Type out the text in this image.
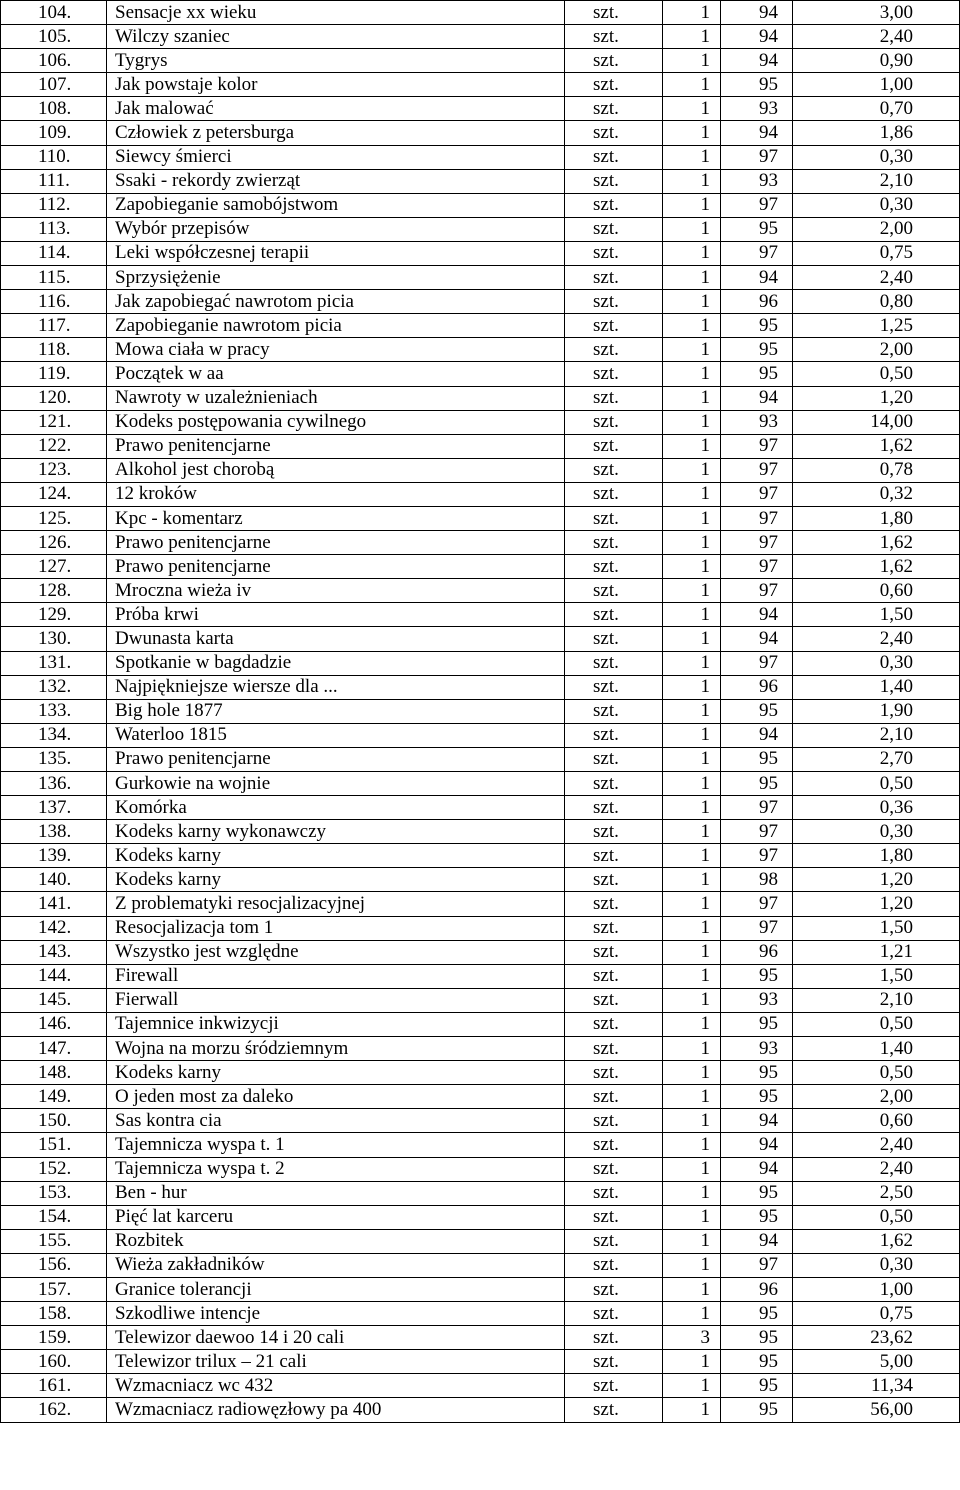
104.	Sensacje xx wieku	szt.	1	94	3,00
105.	Wilczy szaniec	szt.	1	94	2,40
106.	Tygrys	szt.	1	94	0,90
107.	Jak powstaje kolor	szt.	1	95	1,00
108.	Jak malować	szt.	1	93	0,70
109.	Człowiek z petersburga	szt.	1	94	1,86
110.	Siewcy śmierci	szt.	1	97	0,30
111.	Ssaki - rekordy zwierząt	szt.	1	93	2,10
112.	Zapobieganie samobójstwom	szt.	1	97	0,30
113.	Wybór przepisów	szt.	1	95	2,00
114.	Leki współczesnej terapii	szt.	1	97	0,75
115.	Sprzysiężenie	szt.	1	94	2,40
116.	Jak zapobiegać nawrotom picia	szt.	1	96	0,80
117.	Zapobieganie nawrotom picia	szt.	1	95	1,25
118.	Mowa ciała w pracy	szt.	1	95	2,00
119.	Początek w aa	szt.	1	95	0,50
120.	Nawroty w uzależnieniach	szt.	1	94	1,20
121.	Kodeks postępowania cywilnego	szt.	1	93	14,00
122.	Prawo penitencjarne	szt.	1	97	1,62
123.	Alkohol jest chorobą	szt.	1	97	0,78
124.	12 kroków	szt.	1	97	0,32
125.	Kpc - komentarz	szt.	1	97	1,80
126.	Prawo penitencjarne	szt.	1	97	1,62
127.	Prawo penitencjarne	szt.	1	97	1,62
128.	Mroczna wieża iv	szt.	1	97	0,60
129.	Próba krwi	szt.	1	94	1,50
130.	Dwunasta karta	szt.	1	94	2,40
131.	Spotkanie w bagdadzie	szt.	1	97	0,30
132.	Najpiękniejsze wiersze dla ...	szt.	1	96	1,40
133.	Big hole 1877	szt.	1	95	1,90
134.	Waterloo 1815	szt.	1	94	2,10
135.	Prawo penitencjarne	szt.	1	95	2,70
136.	Gurkowie na wojnie	szt.	1	95	0,50
137.	Komórka	szt.	1	97	0,36
138.	Kodeks karny wykonawczy	szt.	1	97	0,30
139.	Kodeks karny	szt.	1	97	1,80
140.	Kodeks karny	szt.	1	98	1,20
141.	Z problematyki resocjalizacyjnej	szt.	1	97	1,20
142.	Resocjalizacja tom 1	szt.	1	97	1,50
143.	Wszystko jest względne	szt.	1	96	1,21
144.	Firewall	szt.	1	95	1,50
145.	Fierwall	szt.	1	93	2,10
146.	Tajemnice inkwizycji	szt.	1	95	0,50
147.	Wojna na morzu śródziemnym	szt.	1	93	1,40
148.	Kodeks karny	szt.	1	95	0,50
149.	O jeden most za daleko	szt.	1	95	2,00
150.	Sas kontra cia	szt.	1	94	0,60
151.	Tajemnicza wyspa t. 1	szt.	1	94	2,40
152.	Tajemnicza wyspa t. 2	szt.	1	94	2,40
153.	Ben - hur	szt.	1	95	2,50
154.	Pięć lat karceru	szt.	1	95	0,50
155.	Rozbitek	szt.	1	94	1,62
156.	Wieża zakładników	szt.	1	97	0,30
157.	Granice tolerancji	szt.	1	96	1,00
158.	Szkodliwe intencje	szt.	1	95	0,75
159.	Telewizor daewoo 14 i 20 cali	szt.	3	95	23,62
160.	Telewizor trilux – 21 cali	szt.	1	95	5,00
161.	Wzmacniacz wc 432	szt.	1	95	11,34
162.	Wzmacniacz radiowęzłowy pa 400	szt.	1	95	56,00
